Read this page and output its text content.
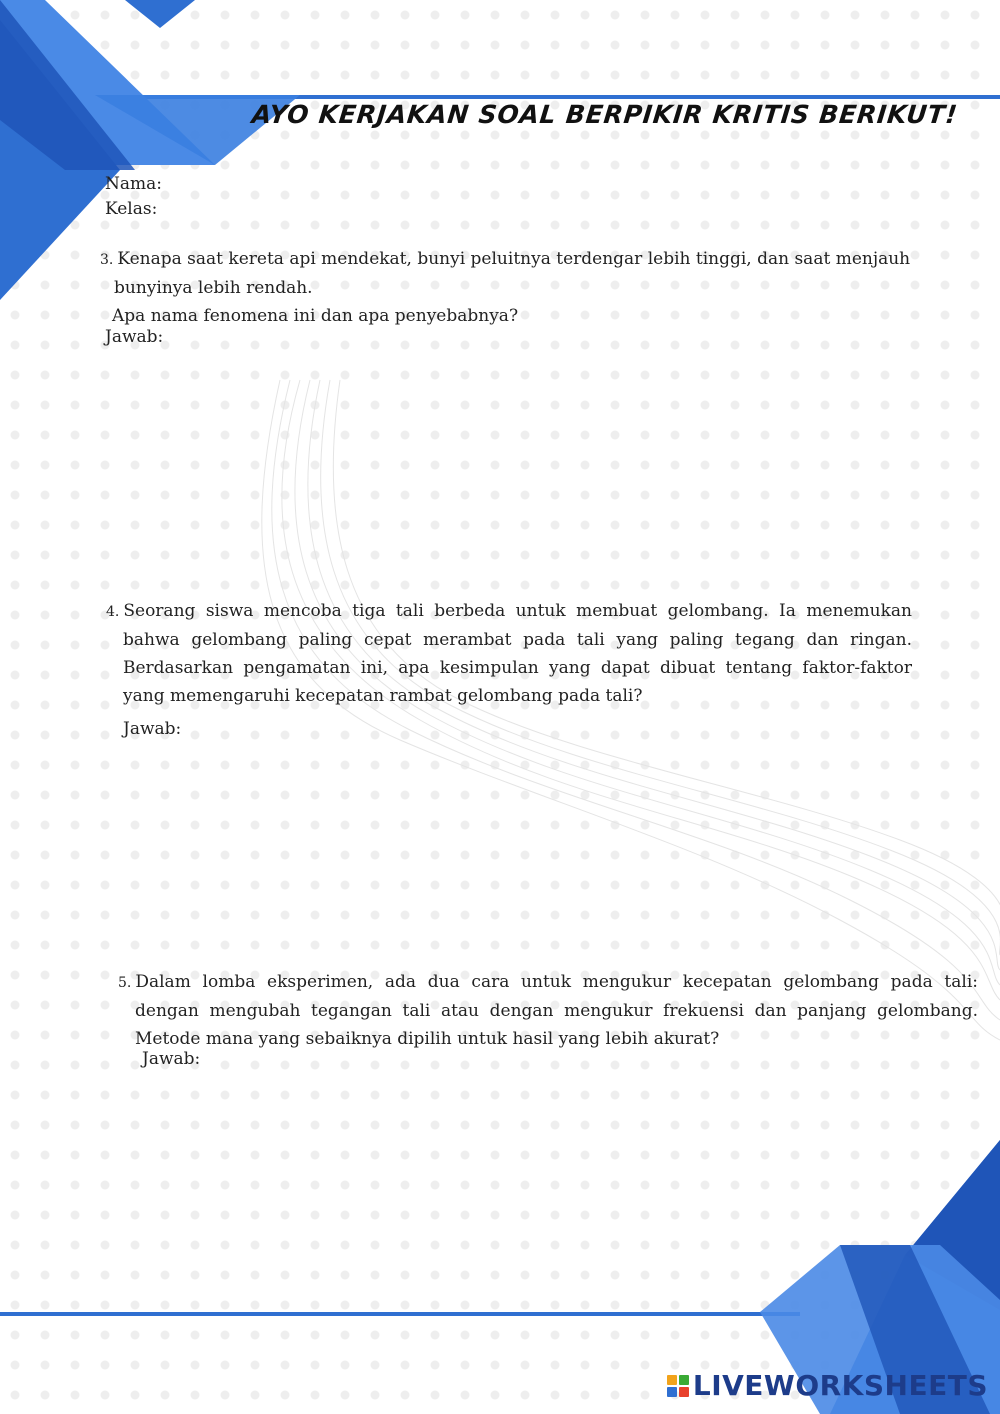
AYO KERJAKAN SOAL BERPIKIR KRITIS BERIKUT!
Nama:
Kelas:
3. Kenapa saat kereta api mendekat, bunyi peluitnya terdengar lebih tinggi, dan saat menjauh
bunyinya lebih rendah.
Apa nama fenomena ini dan apa penyebabnya?
Jawab:
4. Seorang siswa mencoba tiga tali berbeda untuk membuat gelombang. Ia menemukan
bahwa gelombang paling cepat merambat pada tali yang paling tegang dan ringan.
Berdasarkan pengamatan ini, apa kesimpulan yang dapat dibuat tentang faktor-faktor
yang memengaruhi kecepatan rambat gelombang pada tali?
Jawab:
5. Dalam lomba eksperimen, ada dua cara untuk mengukur kecepatan gelombang pada tali:
dengan mengubah tegangan tali atau dengan mengukur frekuensi dan panjang gelombang.
Metode mana yang sebaiknya dipilih untuk hasil yang lebih akurat?
Jawab:
LIVEWORKSHEETS
